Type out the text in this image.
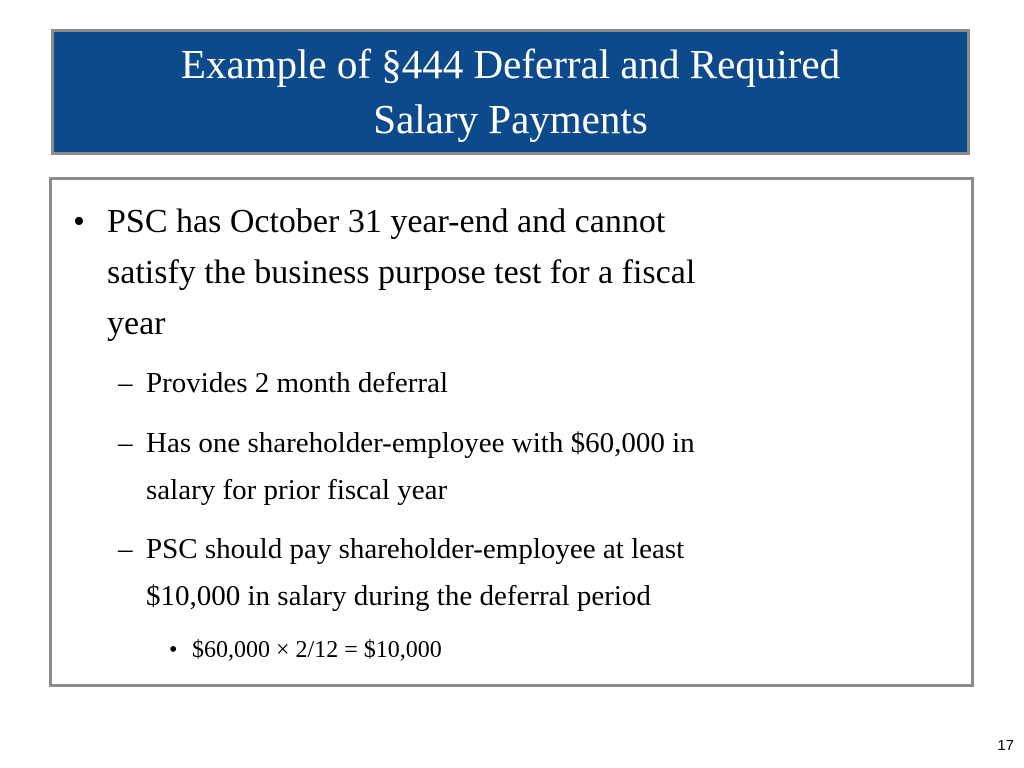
Example of §444 Deferral and Required
Salary Payments
• PSC has October 31 year-end and cannot
satisfy the business purpose test for a fiscal
year
– Provides 2 month deferral
– Has one shareholder-employee with $60,000 in
salary for prior fiscal year
– PSC should pay shareholder-employee at least
$10,000 in salary during the deferral period
• $60,000 × 2/12 = $10,000
17
